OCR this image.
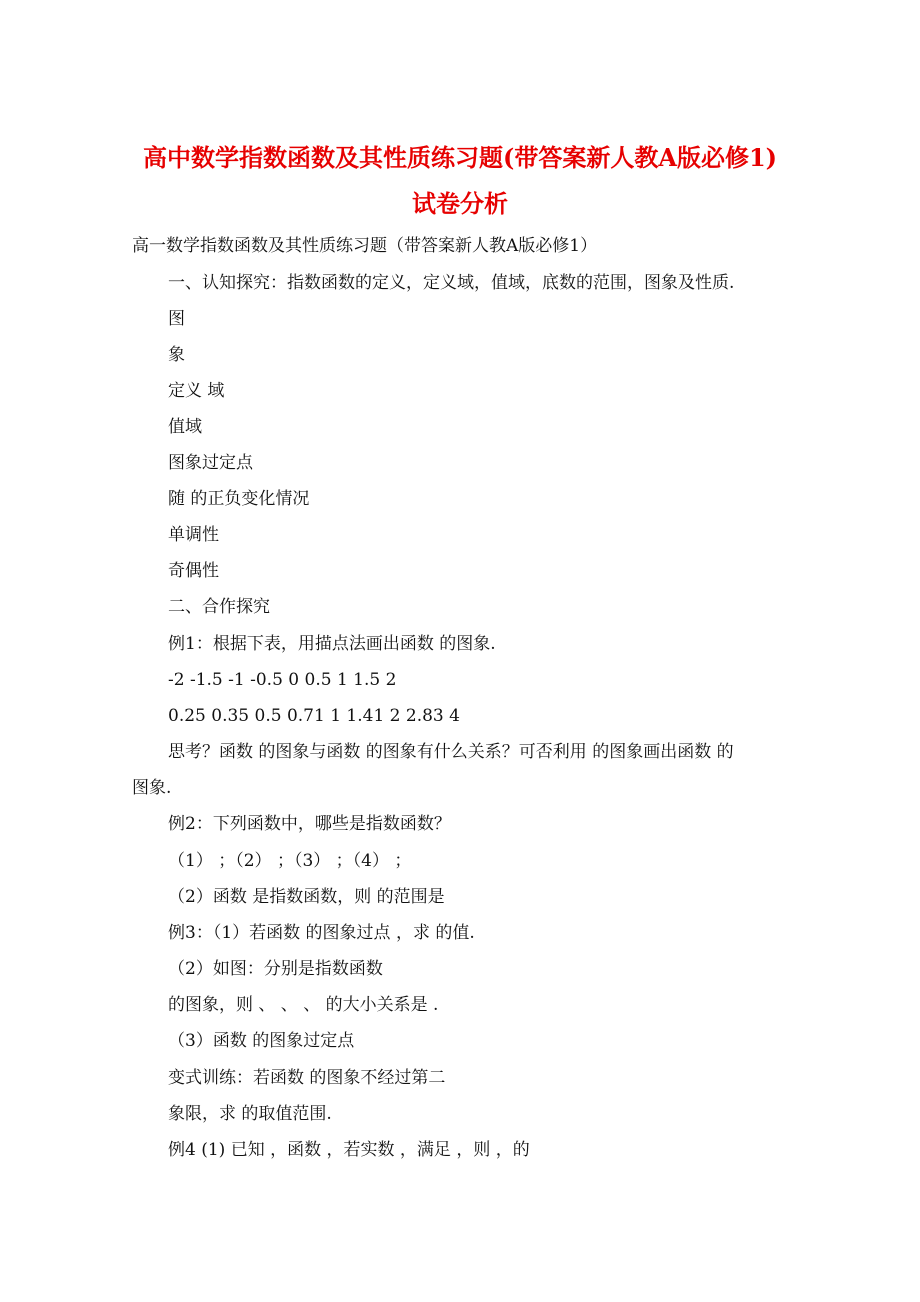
高中数学指数函数及其性质练习题(带答案新人教A版必修1)
试卷分析
高一数学指数函数及其性质练习题（带答案新人教A版必修1）
一、认知探究：指数函数的定义，定义域，值域，底数的范围，图象及性质.
图
象
定义 域
值域
图象过定点
随 的正负变化情况
单调性
奇偶性
二、合作探究
例1：根据下表，用描点法画出函数 的图象.
-2 -1.5 -1 -0.5 0 0.5 1 1.5 2
0.25 0.35 0.5 0.71 1 1.41 2 2.83 4
思考？函数 的图象与函数 的图象有什么关系？可否利用 的图象画出函数 的
图象.
例2：下列函数中，哪些是指数函数？
（1） ；（2） ；（3） ；（4） ；
（2）函数 是指数函数，则 的范围是
例3：（1）若函数 的图象过点 ，求 的值.
（2）如图：分别是指数函数
的图象，则 、 、 、 的大小关系是 .
（3）函数 的图象过定点
变式训练：若函数 的图象不经过第二
象限，求 的取值范围.
例4 (1) 已知 ，函数 ，若实数 ，满足 ，则 ，的
